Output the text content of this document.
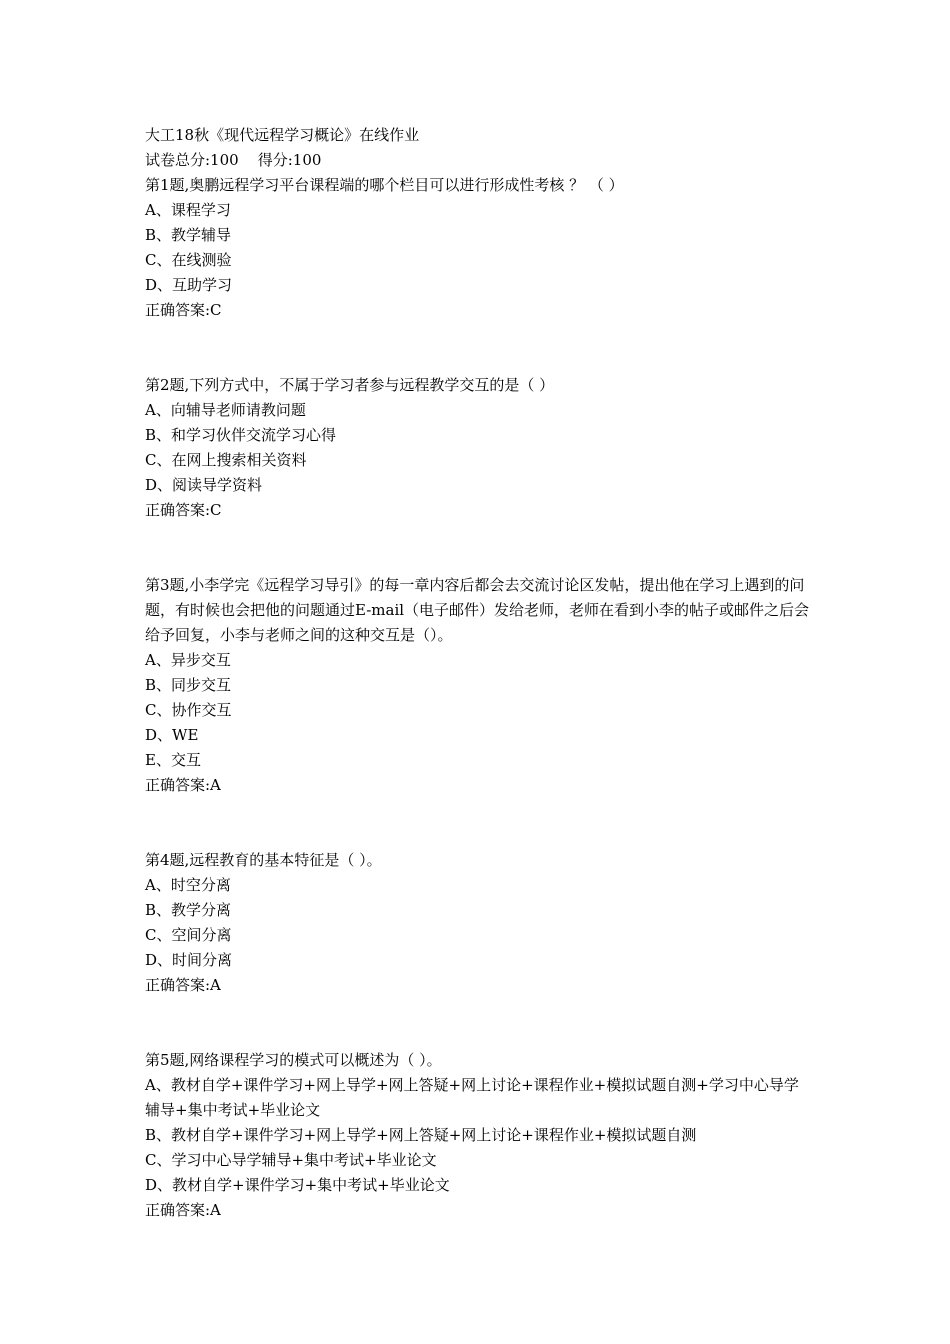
大工18秋《现代远程学习概论》在线作业
试卷总分:100    得分:100
第1题,奥鹏远程学习平台课程端的哪个栏目可以进行形成性考核 ？ （ ）
A、课程学习
B、教学辅导
C、在线测验
D、互助学习
正确答案:C
第2题,下列方式中，不属于学习者参与远程教学交互的是（ ）
A、向辅导老师请教问题
B、和学习伙伴交流学习心得
C、在网上搜索相关资料
D、阅读导学资料
正确答案:C
第3题,小李学完《远程学习导引》的每一章内容后都会去交流讨论区发帖，提出他在学习上遇到的问题，有时候也会把他的问题通过E-mail（电子邮件）发给老师，老师在看到小李的帖子或邮件之后会给予回复，小李与老师之间的这种交互是（）。
A、异步交互
B、同步交互
C、协作交互
D、WE
E、交互
正确答案:A
第4题,远程教育的基本特征是（ ）。
A、时空分离
B、教学分离
C、空间分离
D、时间分离
正确答案:A
第5题,网络课程学习的模式可以概述为（ ）。
A、教材自学+课件学习+网上导学+网上答疑+网上讨论+课程作业+模拟试题自测+学习中心导学辅导+集中考试+毕业论文
B、教材自学+课件学习+网上导学+网上答疑+网上讨论+课程作业+模拟试题自测
C、学习中心导学辅导+集中考试+毕业论文
D、教材自学+课件学习+集中考试+毕业论文
正确答案:A
